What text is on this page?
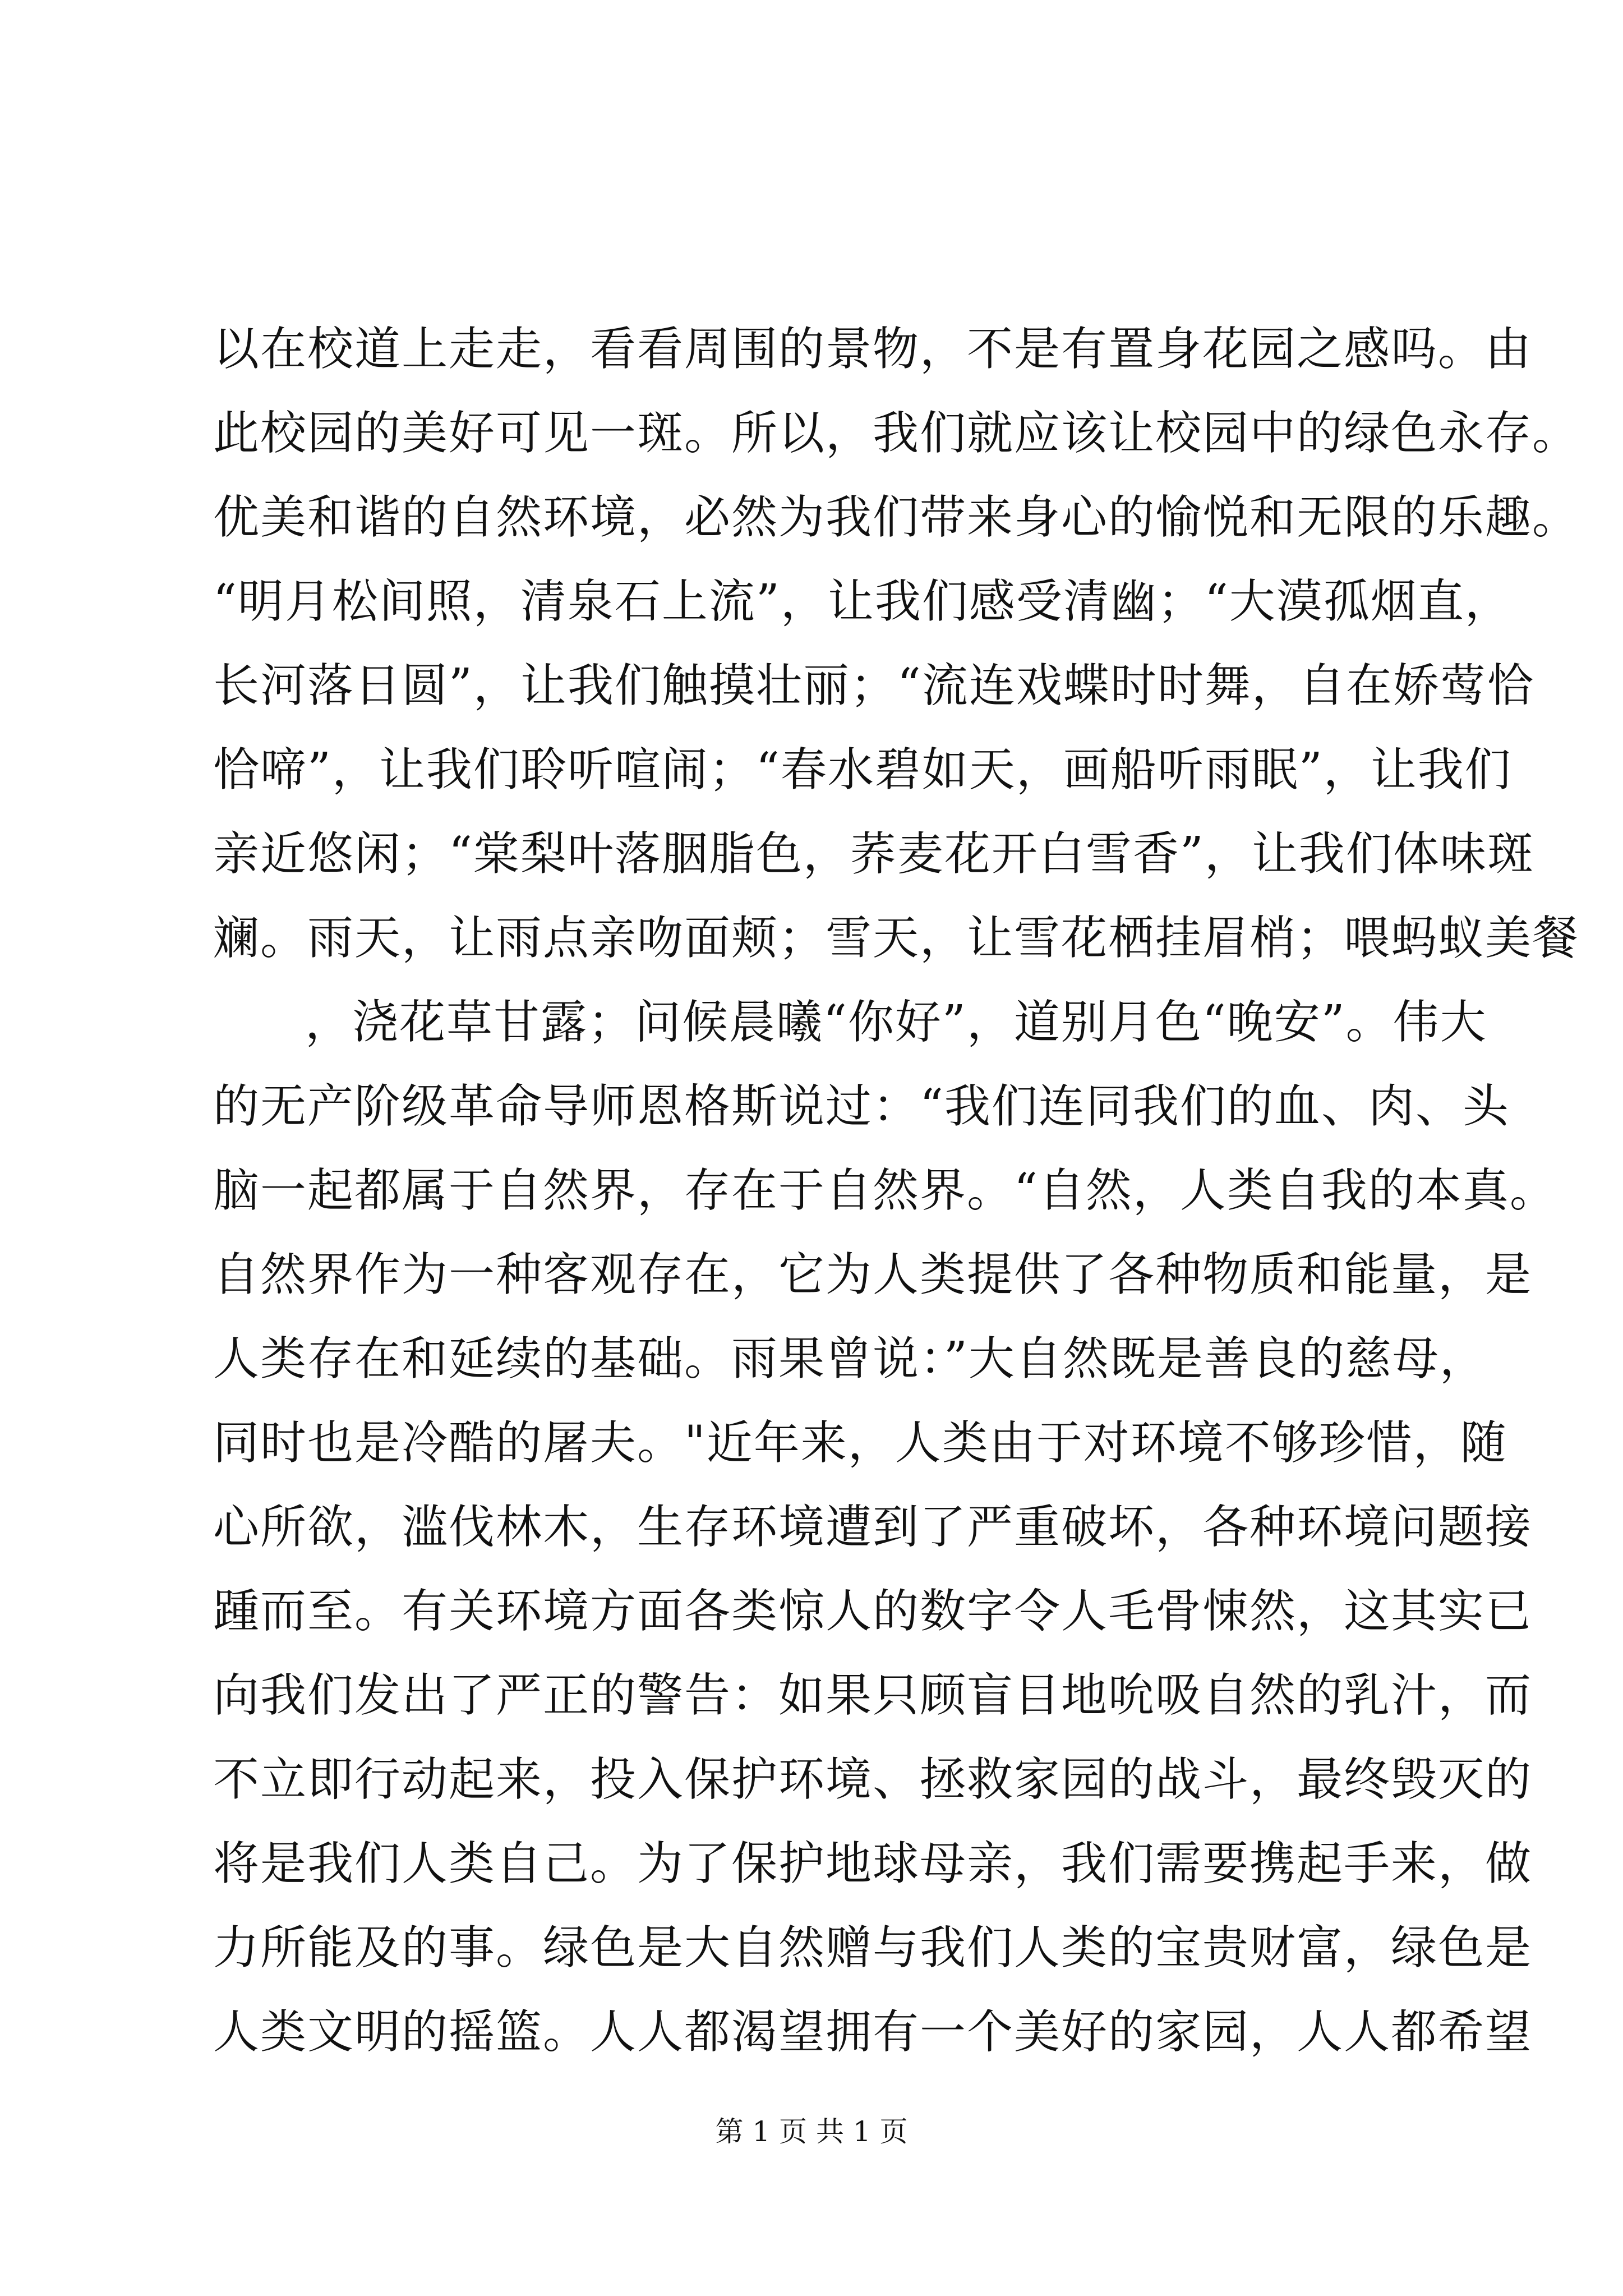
以在校道上走走，看看周围的景物，不是有置身花园之感吗。由
此校园的美好可见一斑。所以，我们就应该让校园中的绿色永存。
优美和谐的自然环境，必然为我们带来身心的愉悦和无限的乐趣。
“明月松间照，清泉石上流”，让我们感受清幽；“大漠孤烟直，
长河落日圆”，让我们触摸壮丽；“流连戏蝶时时舞，自在娇莺恰
恰啼”，让我们聆听喧闹；“春水碧如天，画船听雨眠”，让我们
亲近悠闲；“棠梨叶落胭脂色，荞麦花开白雪香”，让我们体味斑
斓。雨天，让雨点亲吻面颊；雪天，让雪花栖挂眉梢；喂蚂蚁美餐
，浇花草甘露；问候晨曦“你好”，道别月色“晚安”。伟大
的无产阶级革命导师恩格斯说过：“我们连同我们的血、肉、头
脑一起都属于自然界，存在于自然界。“自然，人类自我的本真。
自然界作为一种客观存在，它为人类提供了各种物质和能量，是
人类存在和延续的基础。雨果曾说：”大自然既是善良的慈母，
同时也是冷酷的屠夫。"近年来，人类由于对环境不够珍惜，随
心所欲，滥伐林木，生存环境遭到了严重破坏，各种环境问题接
踵而至。有关环境方面各类惊人的数字令人毛骨悚然，这其实已
向我们发出了严正的警告：如果只顾盲目地吮吸自然的乳汁，而
不立即行动起来，投入保护环境、拯救家园的战斗，最终毁灭的
将是我们人类自己。为了保护地球母亲，我们需要携起手来，做
力所能及的事。绿色是大自然赠与我们人类的宝贵财富，绿色是
人类文明的摇篮。人人都渴望拥有一个美好的家园，人人都希望
第 1 页 共 1 页
